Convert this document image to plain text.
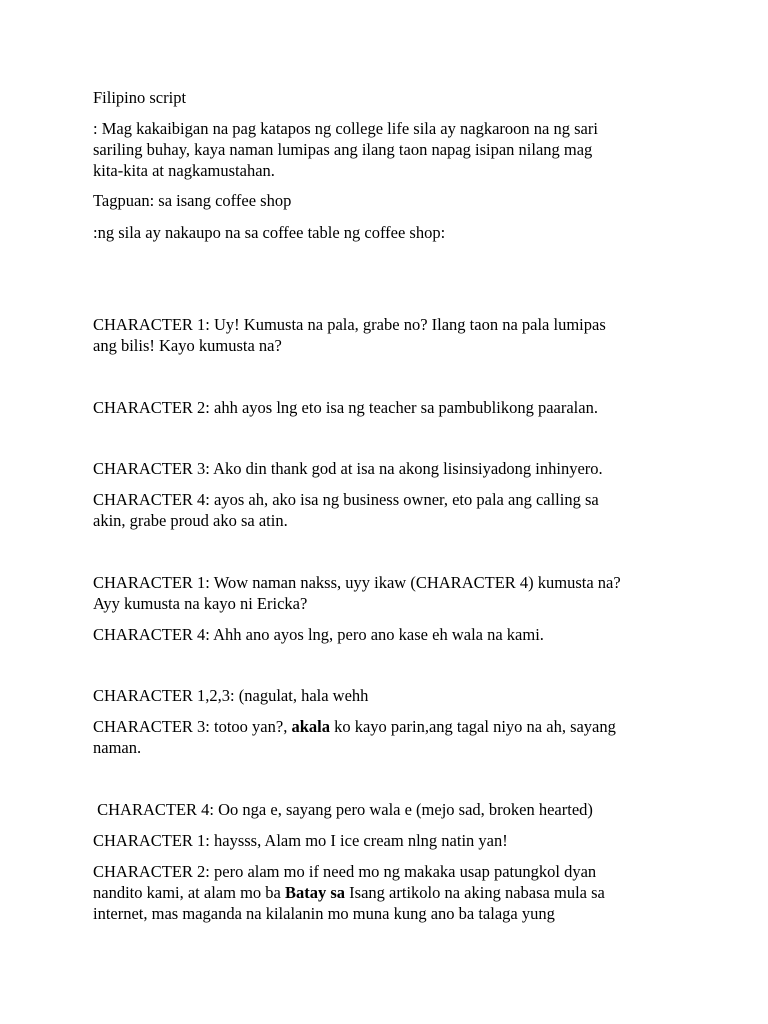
Filipino script
: Mag kakaibigan na pag katapos ng college life sila ay nagkaroon na ng sari
sariling buhay, kaya naman lumipas ang ilang taon napag isipan nilang mag
kita-kita at nagkamustahan.
Tagpuan: sa isang coffee shop
:ng sila ay nakaupo na sa coffee table ng coffee shop:
CHARACTER 1: Uy! Kumusta na pala, grabe no? Ilang taon na pala lumipas
ang bilis! Kayo kumusta na?
CHARACTER 2: ahh ayos lng eto isa ng teacher sa pambublikong paaralan.
CHARACTER 3: Ako din thank god at isa na akong lisinsiyadong inhinyero.
CHARACTER 4: ayos ah, ako isa ng business owner, eto pala ang calling sa
akin, grabe proud ako sa atin.
CHARACTER 1: Wow naman nakss, uyy ikaw (CHARACTER 4) kumusta na?
Ayy kumusta na kayo ni Ericka?
CHARACTER 4: Ahh ano ayos lng, pero ano kase eh wala na kami.
CHARACTER 1,2,3: (nagulat, hala wehh
CHARACTER 3: totoo yan?, akala ko kayo parin,ang tagal niyo na ah, sayang
naman.
CHARACTER 4: Oo nga e, sayang pero wala e (mejo sad, broken hearted)
CHARACTER 1: haysss, Alam mo I ice cream nlng natin yan!
CHARACTER 2: pero alam mo if need mo ng makaka usap patungkol dyan
nandito kami, at alam mo ba Batay sa Isang artikolo na aking nabasa mula sa
internet, mas maganda na kilalanin mo muna kung ano ba talaga yung
